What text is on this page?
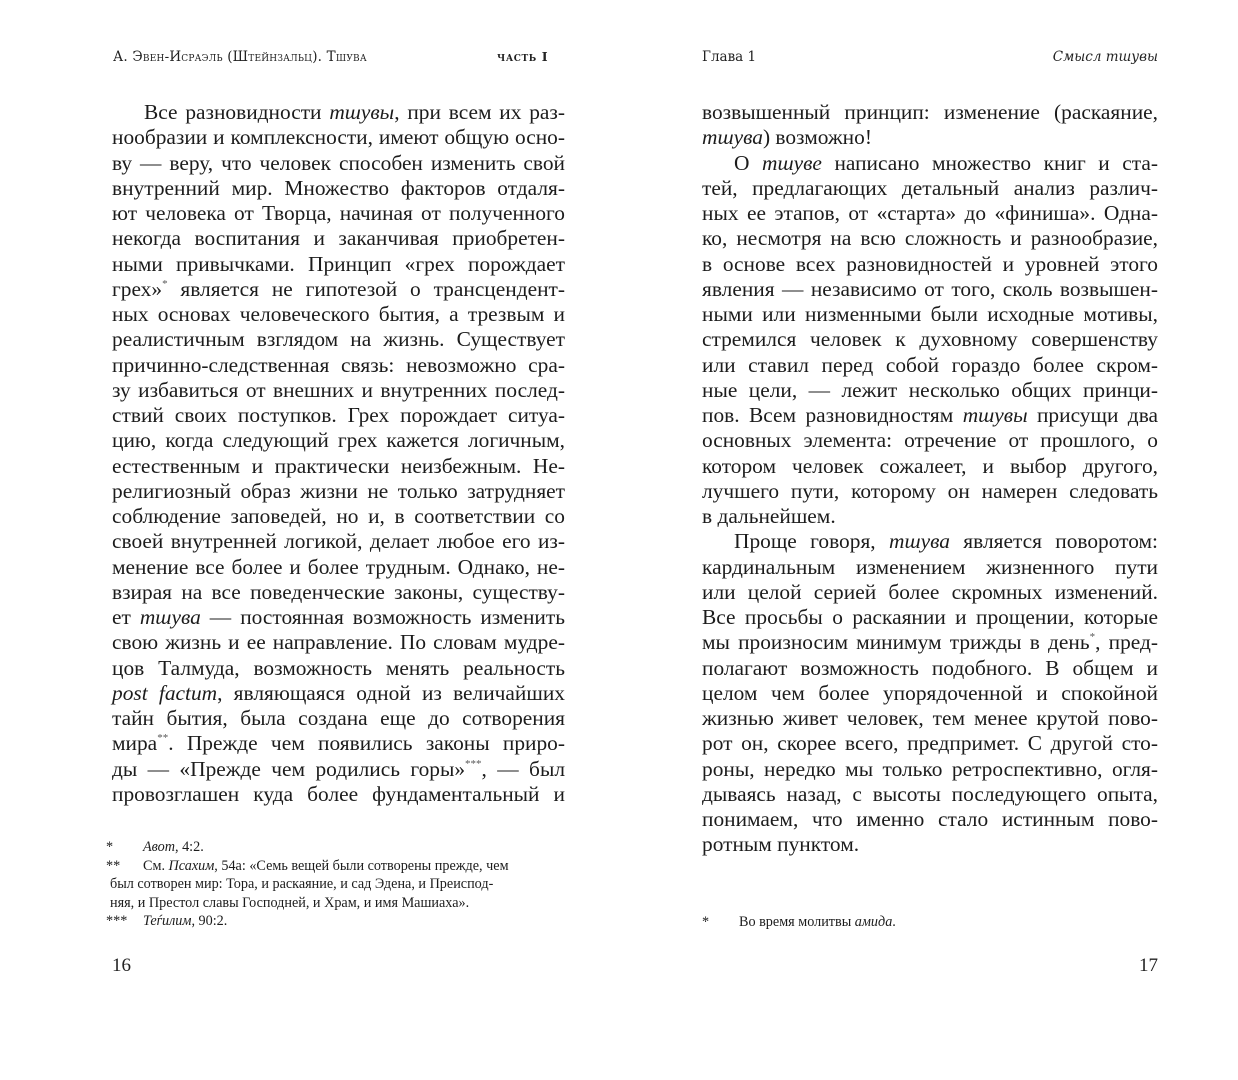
А. Эвен-Исраэль (Штейнзальц). Тшува	часть I
Все разновидности тшувы, при всем их раз-
нообразии и комплексности, имеют общую осно-
ву — веру, что человек способен изменить свой
внутренний мир. Множество факторов отдаля-
ют человека от Творца, начиная от полученного
некогда воспитания и заканчивая приобретен-
ными привычками. Принцип «грех порождает
грех»* является не гипотезой о трансцендент-
ных основах человеческого бытия, а трезвым и
реалистичным взглядом на жизнь. Существует
причинно-следственная связь: невозможно сра-
зу избавиться от внешних и внутренних послед-
ствий своих поступков. Грех порождает ситуа-
цию, когда следующий грех кажется логичным,
естественным и практически неизбежным. Не-
религиозный образ жизни не только затрудняет
соблюдение заповедей, но и, в соответствии со
своей внутренней логикой, делает любое его из-
менение все более и более трудным. Однако, не-
взирая на все поведенческие законы, существу-
ет тшува — постоянная возможность изменить
свою жизнь и ее направление. По словам мудре-
цов Талмуда, возможность менять реальность
post factum, являющаяся одной из величайших
тайн бытия, была создана еще до сотворения
мира**. Прежде чем появились законы приро-
ды — «Прежде чем родились горы»***, — был
провозглашен куда более фундаментальный и
* Авот, 4:2.
** См. Псахим, 54а: «Семь вещей были сотворены прежде, чем
был сотворен мир: Тора, и раскаяние, и сад Эдена, и Преиспод-
няя, и Престол славы Господней, и Храм, и имя Машиаха».
*** Теѓилим, 90:2.
16
Глава 1	Смысл тшувы
возвышенный принцип: изменение (раскаяние,
тшува) возможно!
О тшуве написано множество книг и ста-
тей, предлагающих детальный анализ различ-
ных ее этапов, от «старта» до «финиша». Одна-
ко, несмотря на всю сложность и разнообразие,
в основе всех разновидностей и уровней этого
явления — независимо от того, сколь возвышен-
ными или низменными были исходные мотивы,
стремился человек к духовному совершенству
или ставил перед собой гораздо более скром-
ные цели, — лежит несколько общих принци-
пов. Всем разновидностям тшувы присущи два
основных элемента: отречение от прошлого, о
котором человек сожалеет, и выбор другого,
лучшего пути, которому он намерен следовать
в дальнейшем.
Проще говоря, тшува является поворотом:
кардинальным изменением жизненного пути
или целой серией более скромных изменений.
Все просьбы о раскаянии и прощении, которые
мы произносим минимум трижды в день*, пред-
полагают возможность подобного. В общем и
целом чем более упорядоченной и спокойной
жизнью живет человек, тем менее крутой пово-
рот он, скорее всего, предпримет. С другой сто-
роны, нередко мы только ретроспективно, огля-
дываясь назад, с высоты последующего опыта,
понимаем, что именно стало истинным пово-
ротным пунктом.
* Во время молитвы амида.
17
